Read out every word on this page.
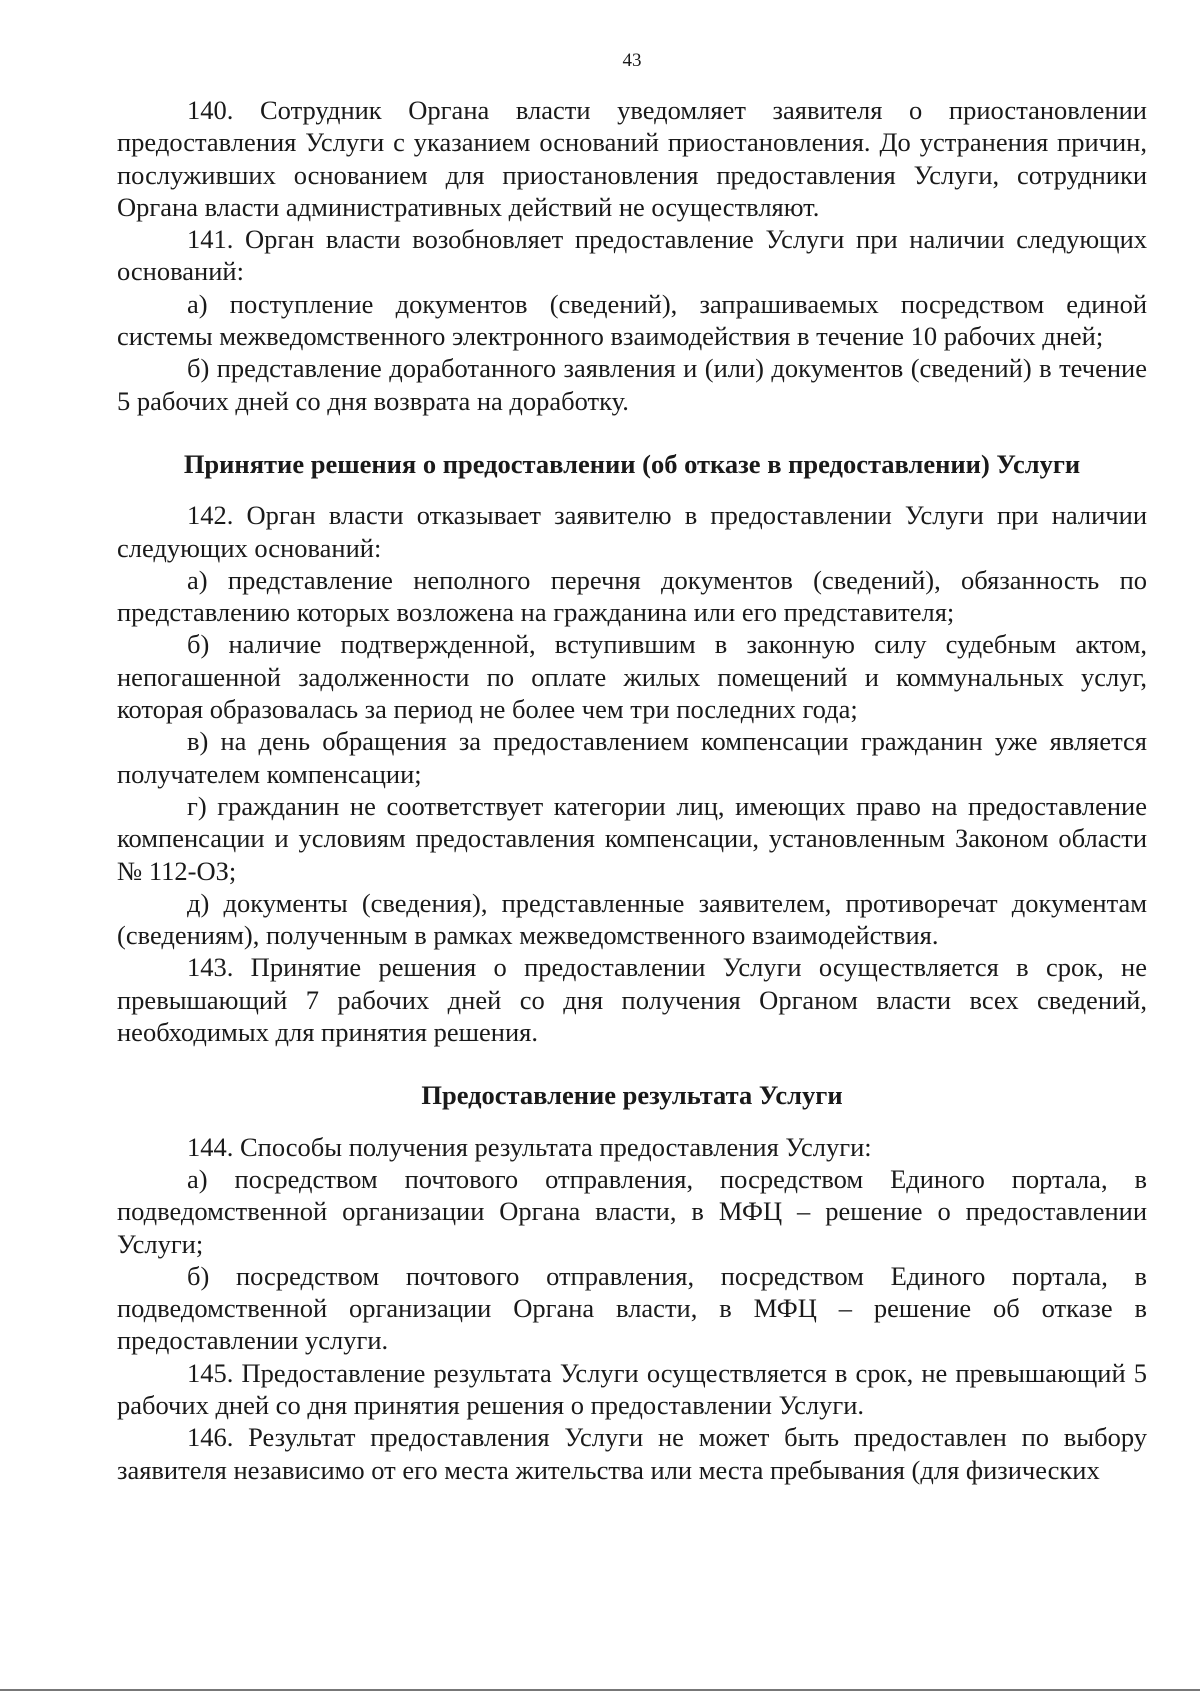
43

140. Сотрудник Органа власти уведомляет заявителя о приостановлении предоставления Услуги с указанием оснований приостановления. До устранения причин, послуживших основанием для приостановления предоставления Услуги, сотрудники Органа власти административных действий не осуществляют.

141. Орган власти возобновляет предоставление Услуги при наличии следующих оснований:

а) поступление документов (сведений), запрашиваемых посредством единой системы межведомственного электронного взаимодействия в течение 10 рабочих дней;

б) представление доработанного заявления и (или) документов (сведений) в течение 5 рабочих дней со дня возврата на доработку.

Принятие решения о предоставлении (об отказе в предоставлении) Услуги

142. Орган власти отказывает заявителю в предоставлении Услуги при наличии следующих оснований:

а) представление неполного перечня документов (сведений), обязанность по представлению которых возложена на гражданина или его представителя;

б) наличие подтвержденной, вступившим в законную силу судебным актом, непогашенной задолженности по оплате жилых помещений и коммунальных услуг, которая образовалась за период не более чем три последних года;

в) на день обращения за предоставлением компенсации гражданин уже является получателем компенсации;

г) гражданин не соответствует категории лиц, имеющих право на предоставление компенсации и условиям предоставления компенсации, установленным Законом области № 112-ОЗ;

д) документы (сведения), представленные заявителем, противоречат документам (сведениям), полученным в рамках межведомственного взаимодействия.

143. Принятие решения о предоставлении Услуги осуществляется в срок, не превышающий 7 рабочих дней со дня получения Органом власти всех сведений, необходимых для принятия решения.

Предоставление результата Услуги

144. Способы получения результата предоставления Услуги:

а) посредством почтового отправления, посредством Единого портала, в подведомственной организации Органа власти, в МФЦ – решение о предоставлении Услуги;

б) посредством почтового отправления, посредством Единого портала, в подведомственной организации Органа власти, в МФЦ – решение об отказе в предоставлении услуги.

145. Предоставление результата Услуги осуществляется в срок, не превышающий 5 рабочих дней со дня принятия решения о предоставлении Услуги.

146. Результат предоставления Услуги не может быть предоставлен по выбору заявителя независимо от его места жительства или места пребывания (для физических
